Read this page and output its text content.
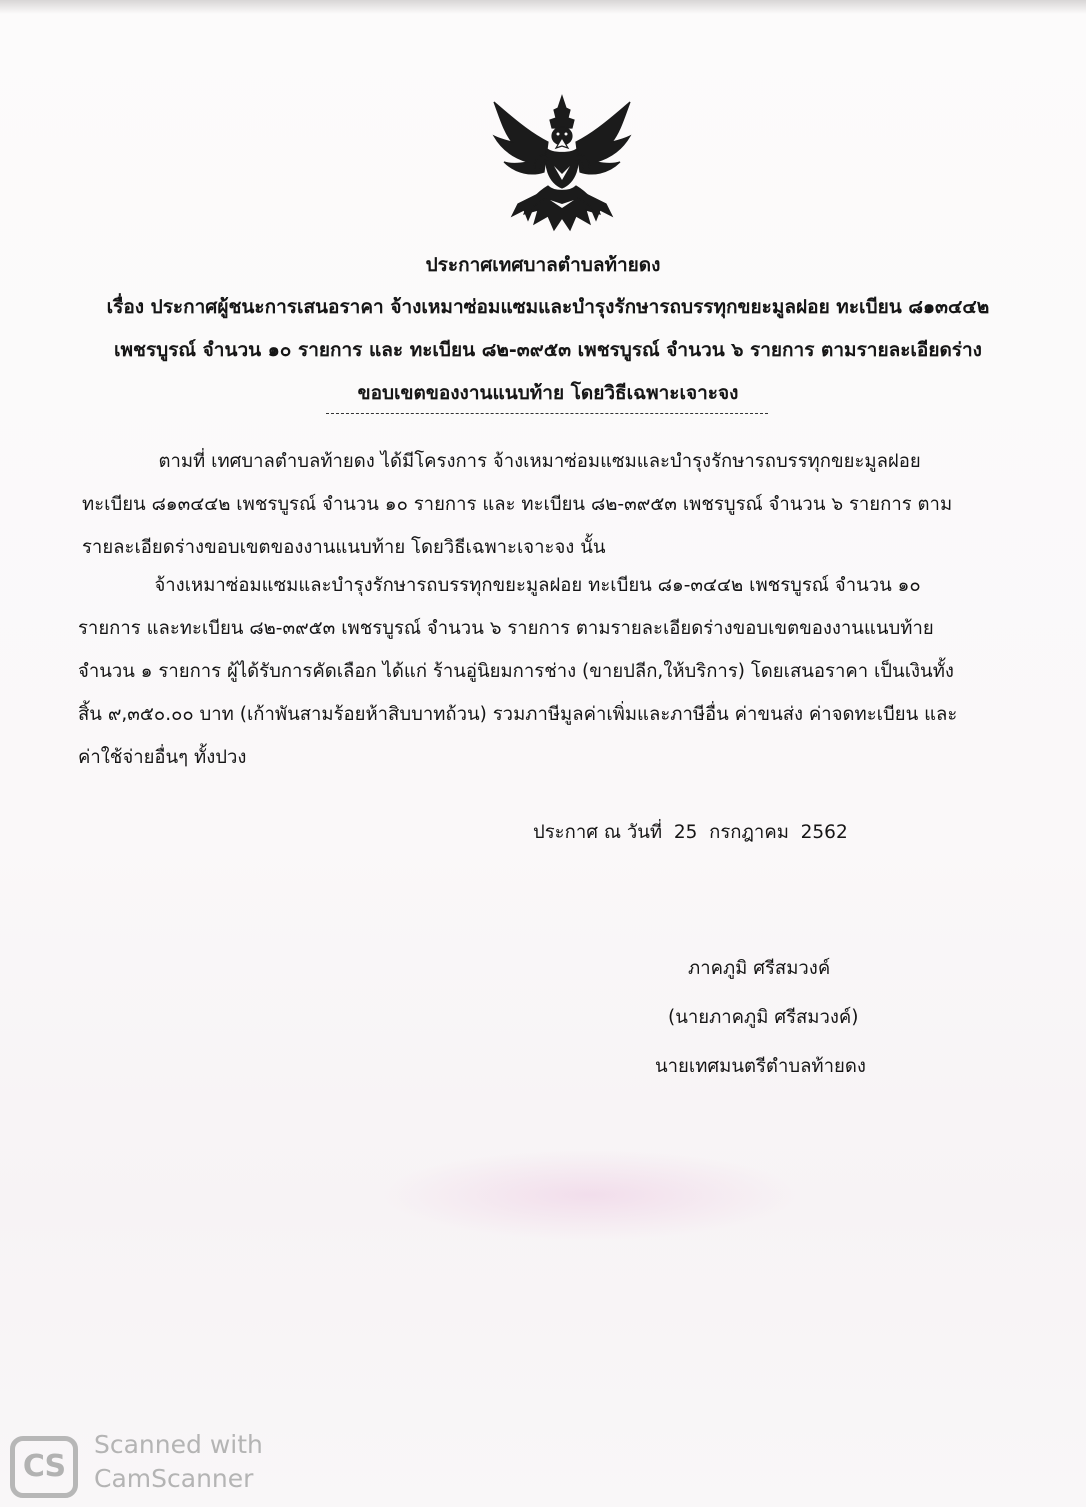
ประกาศเทศบาลตำบลท้ายดง
เรื่อง ประกาศผู้ชนะการเสนอราคา จ้างเหมาซ่อมแซมและบำรุงรักษารถบรรทุกขยะมูลฝอย ทะเบียน ๘๑๓๔๔๒
เพชรบูรณ์ จำนวน ๑๐ รายการ และ ทะเบียน ๘๒-๓๙๕๓ เพชรบูรณ์ จำนวน ๖ รายการ ตามรายละเอียดร่าง
ขอบเขตของงานแนบท้าย โดยวิธีเฉพาะเจาะจง
ตามที่ เทศบาลตำบลท้ายดง ได้มีโครงการ จ้างเหมาซ่อมแซมและบำรุงรักษารถบรรทุกขยะมูลฝอย
ทะเบียน ๘๑๓๔๔๒ เพชรบูรณ์ จำนวน ๑๐ รายการ และ ทะเบียน ๘๒-๓๙๕๓ เพชรบูรณ์ จำนวน ๖ รายการ ตาม
รายละเอียดร่างขอบเขตของงานแนบท้าย โดยวิธีเฉพาะเจาะจง นั้น
จ้างเหมาซ่อมแซมและบำรุงรักษารถบรรทุกขยะมูลฝอย ทะเบียน ๘๑-๓๔๔๒ เพชรบูรณ์ จำนวน ๑๐
รายการ และทะเบียน ๘๒-๓๙๕๓ เพชรบูรณ์ จำนวน ๖ รายการ ตามรายละเอียดร่างขอบเขตของงานแนบท้าย
จำนวน ๑ รายการ ผู้ได้รับการคัดเลือก ได้แก่ ร้านอู่นิยมการช่าง (ขายปลีก,ให้บริการ) โดยเสนอราคา เป็นเงินทั้ง
สิ้น ๙,๓๕๐.๐๐ บาท (เก้าพันสามร้อยห้าสิบบาทถ้วน) รวมภาษีมูลค่าเพิ่มและภาษีอื่น ค่าขนส่ง ค่าจดทะเบียน และ
ค่าใช้จ่ายอื่นๆ ทั้งปวง
ประกาศ ณ วันที่  25  กรกฎาคม  2562
ภาคภูมิ ศรีสมวงค์
(นายภาคภูมิ ศรีสมวงค์)
นายเทศมนตรีตำบลท้ายดง
CS
Scanned with
CamScanner
